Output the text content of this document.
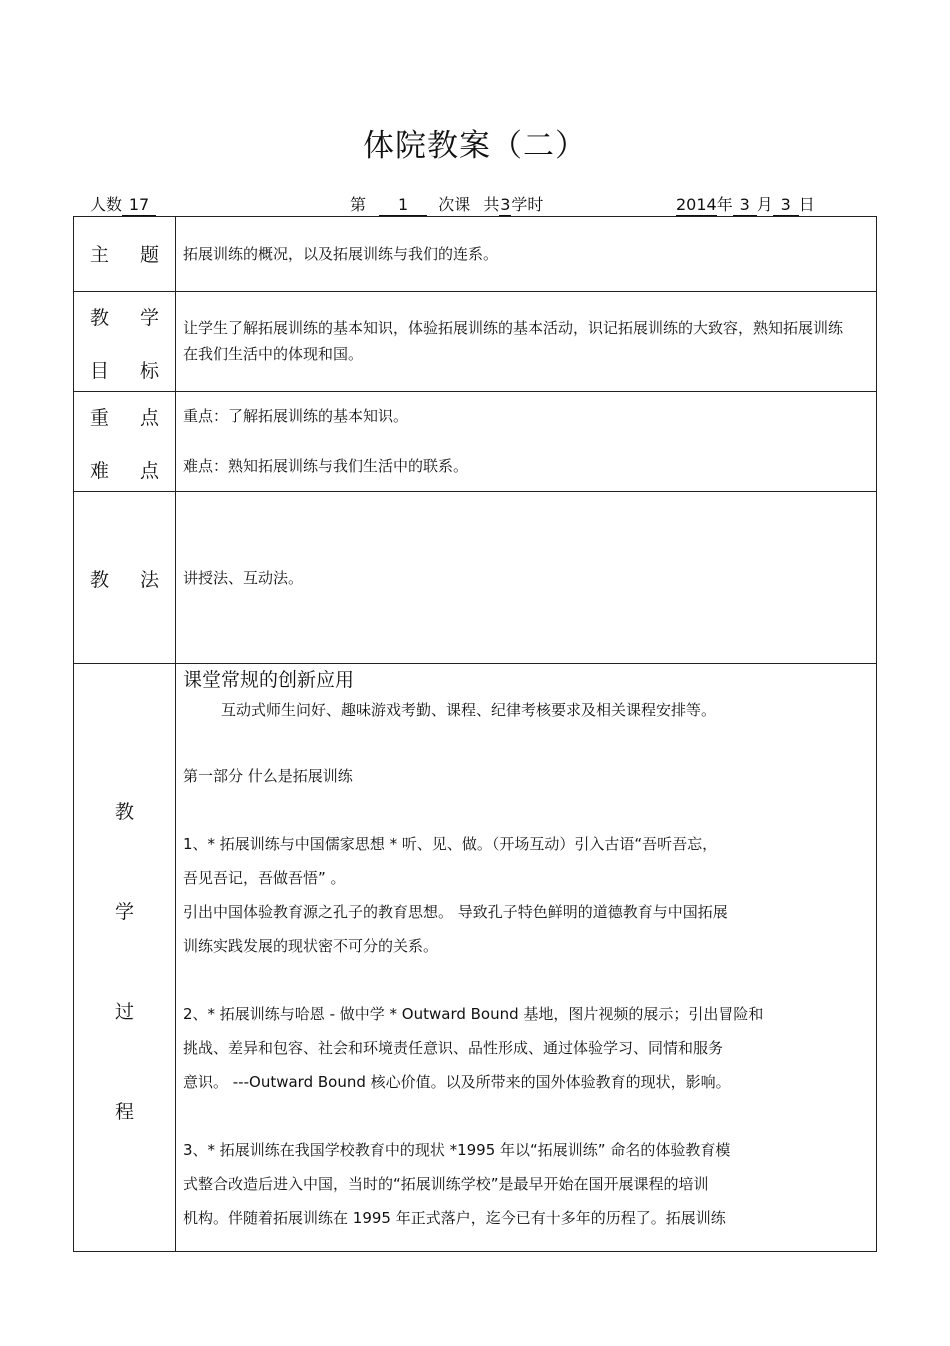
体院教案（二）
人数 17	第 1 次课 共3学时	2014年 3 月 3 日
主 题 拓展训练的概况，以及拓展训练与我们的连系。
教 学
目 标
让学生了解拓展训练的基本知识，体验拓展训练的基本活动，识记拓展训练的大致容，熟知拓展训练在我们生活中的体现和国。
重 点
难 点
重点：了解拓展训练的基本知识。
难点：熟知拓展训练与我们生活中的联系。
教 法 讲授法、互动法。
教
学
过
程

课堂常规的创新应用

互动式师生问好、趣味游戏考勤、课程、纪律考核要求及相关课程安排等。

第一部分 什么是拓展训练

1、* 拓展训练与中国儒家思想 * 听、见、做。（开场互动）引入古语“吾听吾忘，

吾见吾记，吾做吾悟” 。

引出中国体验教育源之孔子的教育思想。 导致孔子特色鲜明的道德教育与中国拓展

训练实践发展的现状密不可分的关系。

2、* 拓展训练与哈恩 - 做中学 * Outward Bound 基地，图片视频的展示；引出冒险和

挑战、差异和包容、社会和环境责任意识、品性形成、通过体验学习、同情和服务

意识。 ---Outward Bound 核心价值。以及所带来的国外体验教育的现状，影响。

3、* 拓展训练在我国学校教育中的现状 *1995 年以“拓展训练” 命名的体验教育模

式整合改造后进入中国，当时的“拓展训练学校”是最早开始在国开展课程的培训

机构。伴随着拓展训练在 1995 年正式落户，迄今已有十多年的历程了。拓展训练
